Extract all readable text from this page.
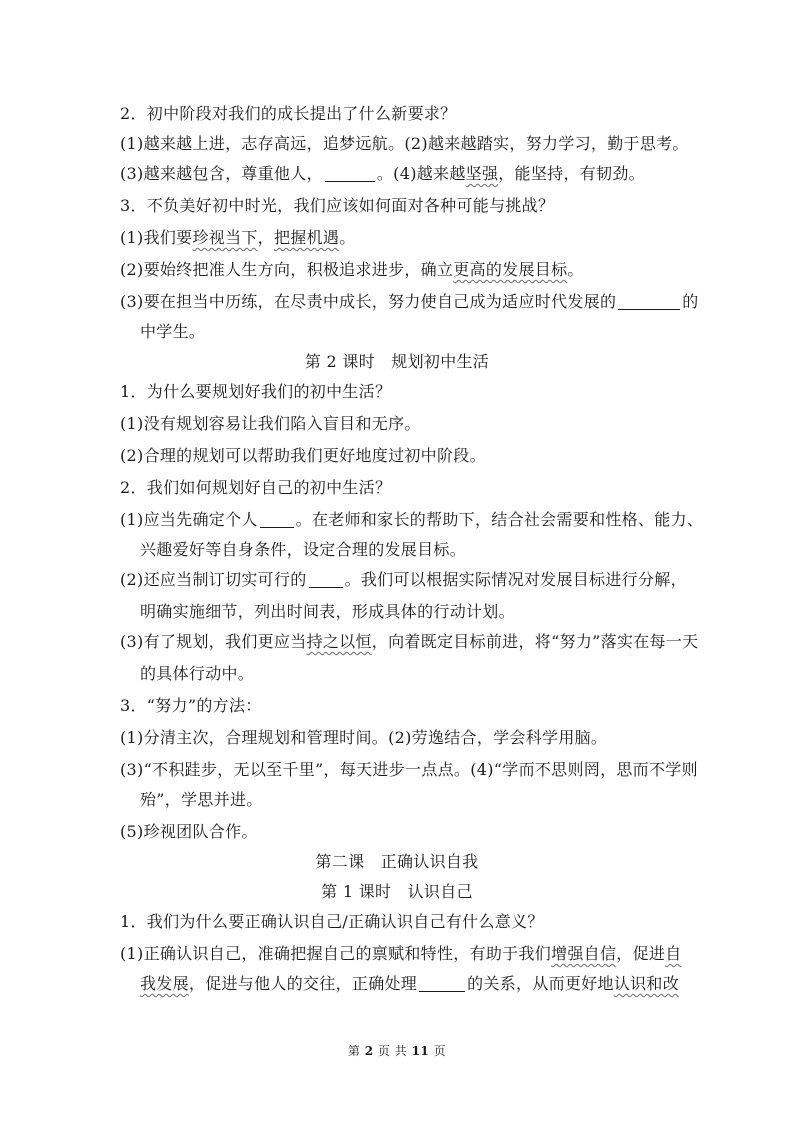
2．初中阶段对我们的成长提出了什么新要求？
(1)越来越上进，志存高远，追梦远航。(2)越来越踏实，努力学习，勤于思考。
(3)越来越包含，尊重他人，	。(4)越来越坚强，能坚持，有韧劲。
3．不负美好初中时光，我们应该如何面对各种可能与挑战？
(1)我们要珍视当下，把握机遇。
(2)要始终把准人生方向，积极追求进步，确立更高的发展目标。
(3)要在担当中历练，在尽责中成长，努力使自己成为适应时代发展的	的
中学生。
第 2 课时　规划初中生活
1．为什么要规划好我们的初中生活？
(1)没有规划容易让我们陷入盲目和无序。
(2)合理的规划可以帮助我们更好地度过初中阶段。
2．我们如何规划好自己的初中生活？
(1)应当先确定个人 。在老师和家长的帮助下，结合社会需要和性格、能力、
兴趣爱好等自身条件，设定合理的发展目标。
(2)还应当制订切实可行的 。我们可以根据实际情况对发展目标进行分解，
明确实施细节，列出时间表，形成具体的行动计划。
(3)有了规划，我们更应当持之以恒，向着既定目标前进，将“努力”落实在每一天
的具体行动中。
3．“努力”的方法：
(1)分清主次，合理规划和管理时间。(2)劳逸结合，学会科学用脑。
(3)“不积跬步，无以至千里”，每天进步一点点。(4)“学而不思则罔，思而不学则
殆”，学思并进。
(5)珍视团队合作。
第二课　正确认识自我
第 1 课时　认识自己
1．我们为什么要正确认识自己/正确认识自己有什么意义？
(1)正确认识自己，准确把握自己的禀赋和特性，有助于我们增强自信，促进自
我发展，促进与他人的交往，正确处理	的关系，从而更好地认识和改
第 2 页 共 11 页
